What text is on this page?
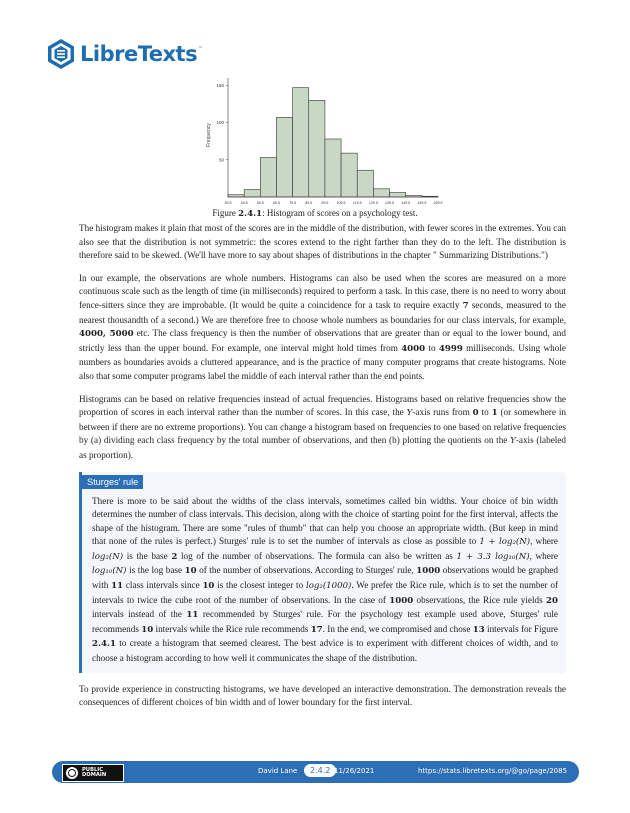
LibreTexts ™
Frequency
50
100
150
39.5	49.5	59.5	69.5	79.5	89.5	99.5 109.5 119.5 129.5 139.5 149.5 159.5 169.5
Figure 2.4.1: Histogram of scores on a psychology test.

The histogram makes it plain that most of the scores are in the middle of the distribution, with fewer scores in the extremes. You can also see that the distribution is not symmetric: the scores extend to the right farther than they do to the left. The distribution is therefore said to be skewed. (We'll have more to say about shapes of distributions in the chapter " Summarizing Distributions.")

In our example, the observations are whole numbers. Histograms can also be used when the scores are measured on a more continuous scale such as the length of time (in milliseconds) required to perform a task. In this case, there is no need to worry about fence-sitters since they are improbable. (It would be quite a coincidence for a task to require exactly 7 seconds, measured to the nearest thousandth of a second.) We are therefore free to choose whole numbers as boundaries for our class intervals, for example, 4000, 5000 etc. The class frequency is then the number of observations that are greater than or equal to the lower bound, and strictly less than the upper bound. For example, one interval might hold times from 4000 to 4999 milliseconds. Using whole numbers as boundaries avoids a cluttered appearance, and is the practice of many computer programs that create histograms. Note also that some computer programs label the middle of each interval rather than the end points.

Histograms can be based on relative frequencies instead of actual frequencies. Histograms based on relative frequencies show the proportion of scores in each interval rather than the number of scores. In this case, the Y-axis runs from 0 to 1 (or somewhere in between if there are no extreme proportions). You can change a histogram based on frequencies to one based on relative frequencies by (a) dividing each class frequency by the total number of observations, and then (b) plotting the quotients on the Y-axis (labeled as proportion).

Sturges' rule

There is more to be said about the widths of the class intervals, sometimes called bin widths. Your choice of bin width determines the number of class intervals. This decision, along with the choice of starting point for the first interval, affects the shape of the histogram. There are some "rules of thumb" that can help you choose an appropriate width. (But keep in mind that none of the rules is perfect.) Sturges' rule is to set the number of intervals as close as possible to 1 + log₂(N), where log₂(N) is the base 2 log of the number of observations. The formula can also be written as 1 + 3.3 log₁₀(N), where log₁₀(N) is the log base 10 of the number of observations. According to Sturges' rule, 1000 observations would be graphed with 11 class intervals since 10 is the closest integer to log₂(1000). We prefer the Rice rule, which is to set the number of intervals to twice the cube root of the number of observations. In the case of 1000 observations, the Rice rule yields 20 intervals instead of the 11 recommended by Sturges' rule. For the psychology test example used above, Sturges' rule recommends 10 intervals while the Rice rule recommends 17. In the end, we compromised and chose 13 intervals for Figure 2.4.1 to create a histogram that seemed clearest. The best advice is to experiment with different choices of width, and to choose a histogram according to how well it communicates the shape of the distribution.

To provide experience in constructing histograms, we have developed an interactive demonstration. The demonstration reveals the consequences of different choices of bin width and of lower boundary for the first interval.

PUBLIC
DOMAIN	David Lane	2.4.2 11/26/2021	https://stats.libretexts.org/@go/page/2085
